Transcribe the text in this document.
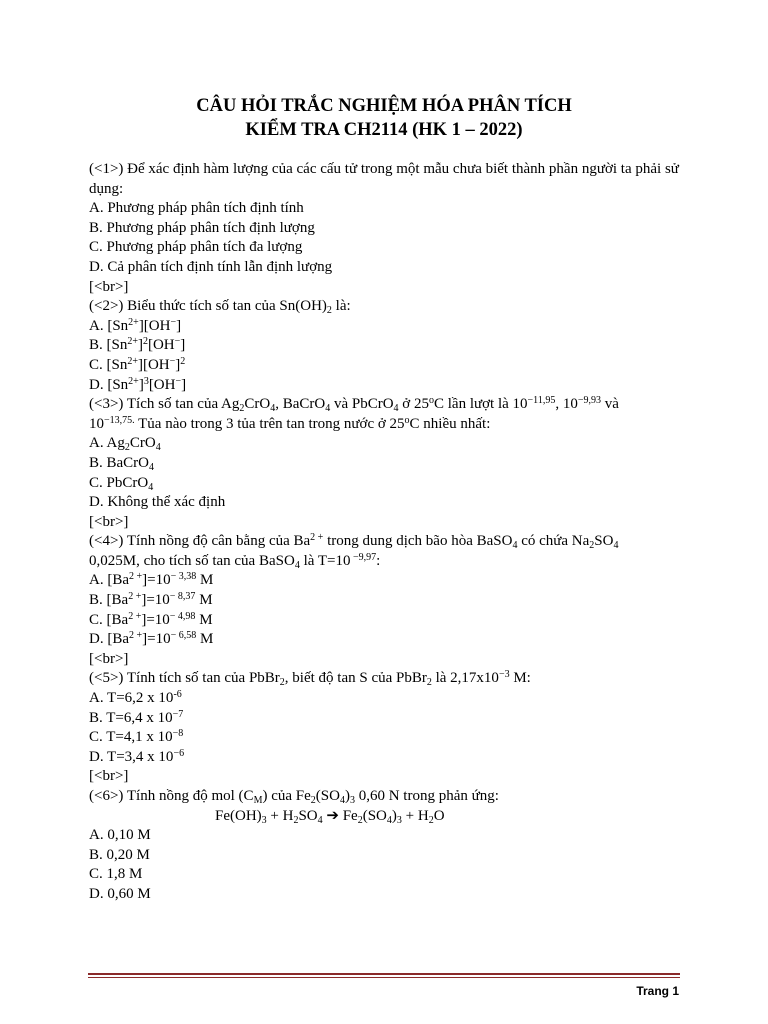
CÂU HỎI TRẮC NGHIỆM HÓA PHÂN TÍCH
KIỂM TRA CH2114 (HK 1 – 2022)
(<1>) Để xác định hàm lượng của các cấu tử trong một mẫu chưa biết thành phần người ta phải sử dụng:
A. Phương pháp phân tích định tính
B. Phương pháp phân tích định lượng
C. Phương pháp phân tích đa lượng
D. Cả phân tích định tính lẫn định lượng
[<br>]
(<2>) Biểu thức tích số tan của $Sn(OH)_2$ là:
A. $[Sn^{2+}][OH^-]$
B. $[Sn^{2+}]^2[OH^-]$
C. $[Sn^{2+}][OH^-]^2$
D. $[Sn^{2+}]^3[OH^-]$
(<3>) Tích số tan của $Ag_2CrO_4$, BaCrO$_4$ và PbCrO$_4$ ở 25$^o$C lần lượt là $10^{-11,95}$, $10^{-9,93}$ và
$10^{-13,75.}$ Tủa nào trong 3 tủa trên tan trong nước ở 25$^o$C nhiều nhất:
A. $Ag_2CrO_4$
B. BaCrO$_4$
C. PbCrO$_4$
D. Không thể xác định
[<br>]
(<4>) Tính nồng độ cân bằng của $Ba^{2 +}$ trong dung dịch bão hòa BaSO$_4$ có chứa $Na_2SO_4$
0,025M, cho tích số tan của BaSO$_4$ là T=10 $^{-9,97}$:
A. $[Ba^{2 +}]=10^{- 3,38}$ M
B. $[Ba^{2 +}]=10^{- 8,37}$ M
C. $[Ba^{2 +}]=10^{- 4,98}$ M
D. $[Ba^{2 +}]=10^{- 6,58}$ M
[<br>]
(<5>) Tính tích số tan của PbBr$_2$, biết độ tan S của PbBr$_2$ là $2,17x10^{-3}$ M:
A. T=6,2 x $10^{-6}$
B. T=6,4 x $10^{-7}$
C. T=4,1 x $10^{-8}$
D. T=3,4 x $10^{-6}$
[<br>]
(<6>) Tính nồng độ mol $(C_M)$ của $Fe_2(SO_4)_3$ 0,60 N trong phản ứng:
$Fe(OH)_3 + H_2SO_4$ ➔ $Fe_2(SO_4)_3 + H_2O$
A. 0,10 M
B. 0,20 M
C. 1,8 M
D. 0,60 M
Trang 1
